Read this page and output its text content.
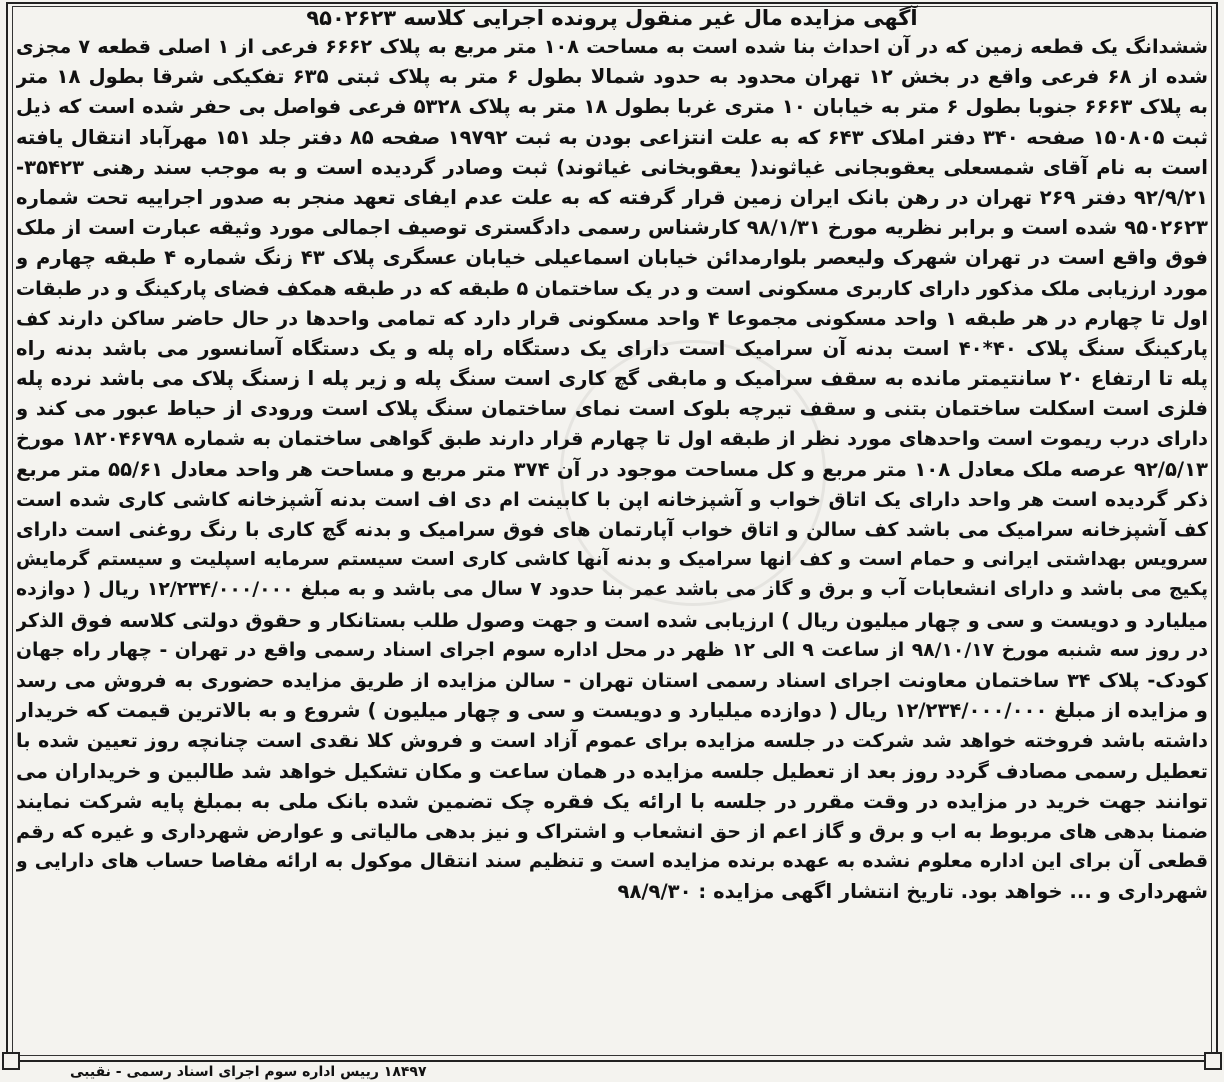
آگهی مزایده مال غیر منقول پرونده اجرایی کلاسه ۹۵۰۲۶۲۳
ششدانگ یک قطعه زمین که در آن احداث بنا شده است به مساحت ۱۰۸ متر مربع به پلاک ۶۶۶۲ فرعی از ۱ اصلی قطعه ۷ مجزی
شده از ۶۸ فرعی واقع در بخش ۱۲ تهران محدود به حدود شمالا بطول ۶ متر به پلاک ثبتی ۶۳۵ تفکیکی شرقا بطول ۱۸ متر
به پلاک ۶۶۶۳ جنوبا بطول ۶ متر به خیابان ۱۰ متری غربا بطول ۱۸ متر به پلاک ۵۳۲۸ فرعی فواصل بی حفر شده است که ذیل
ثبت ۱۵۰۸۰۵ صفحه ۳۴۰ دفتر املاک ۶۴۳ که به علت انتزاعی بودن به ثبت ۱۹۷۹۲ صفحه ۸۵ دفتر جلد ۱۵۱ مهرآباد انتقال یافته
است به نام آقای شمسعلی یعقوبجانی غیاثوند( یعقوبخانی غیاثوند) ثبت وصادر گردیده است و به موجب سند رهنی ۳۵۴۲۳-
۹۲/۹/۲۱ دفتر ۲۶۹ تهران در رهن بانک ایران زمین قرار گرفته که به علت عدم ایفای تعهد منجر به صدور اجراییه تحت شماره
۹۵۰۲۶۲۳ شده است و برابر نظریه مورخ ۹۸/۱/۳۱ کارشناس رسمی دادگستری توصیف اجمالی مورد وثیقه عبارت است از ملک
فوق واقع است در تهران شهرک ولیعصر بلوارمدائن خیابان اسماعیلی خیابان عسگری پلاک ۴۳ زنگ شماره ۴ طبقه چهارم و
مورد ارزیابی ملک مذکور دارای کاربری مسکونی است و در یک ساختمان ۵ طبقه که در طبقه همکف فضای پارکینگ و در طبقات
اول تا چهارم در هر طبقه ۱ واحد مسکونی مجموعا ۴ واحد مسکونی قرار دارد که تمامی واحدها در حال حاضر ساکن دارند کف
پارکینگ سنگ پلاک ۴۰*۴۰ است بدنه آن سرامیک است دارای یک دستگاه راه پله و یک دستگاه آسانسور می باشد بدنه راه
پله تا ارتفاع ۲۰ سانتیمتر مانده به سقف سرامیک و مابقی گچ کاری است سنگ پله و زیر پله ا زسنگ پلاک می باشد نرده پله
فلزی است اسکلت ساختمان بتنی و سقف تیرچه بلوک است نمای ساختمان سنگ پلاک است ورودی از حیاط عبور می کند و
دارای درب ریموت است واحدهای مورد نظر از طبقه اول تا چهارم قرار دارند طبق گواهی ساختمان به شماره ۱۸۲۰۴۶۷۹۸ مورخ
۹۲/۵/۱۳ عرصه ملک معادل ۱۰۸ متر مربع و کل مساحت موجود در آن ۳۷۴ متر مربع و مساحت هر واحد معادل ۵۵/۶۱ متر مربع
ذکر گردیده است هر واحد دارای یک اتاق خواب و آشپزخانه اپن با کابینت ام دی اف است بدنه آشپزخانه کاشی کاری شده است
کف آشپزخانه سرامیک می باشد کف سالن و اتاق خواب آپارتمان های فوق سرامیک و بدنه گچ کاری با رنگ روغنی است دارای
سرویس بهداشتی ایرانی و حمام است و کف انها سرامیک و بدنه آنها کاشی کاری است سیستم سرمایه اسپلیت و سیستم گرمایش
پکیج می باشد و دارای انشعابات آب و برق و گاز می باشد عمر بنا حدود ۷ سال می باشد و به مبلغ ۱۲/۲۳۴/۰۰۰/۰۰۰ ریال ( دوازده
میلیارد و دویست و سی و چهار میلیون ریال ) ارزیابی شده است و جهت وصول طلب بستانکار و حقوق دولتی کلاسه فوق الذکر
در روز سه شنبه مورخ ۹۸/۱۰/۱۷ از ساعت ۹ الی ۱۲ ظهر در محل اداره سوم اجرای اسناد رسمی واقع در تهران - چهار راه جهان
کودک- پلاک ۳۴ ساختمان معاونت اجرای اسناد رسمی استان تهران - سالن مزایده از طریق مزایده حضوری به فروش می رسد
و مزایده از مبلغ ۱۲/۲۳۴/۰۰۰/۰۰۰ ریال ( دوازده میلیارد و دویست و سی و چهار میلیون ) شروع و به بالاترین قیمت که خریدار
داشته باشد فروخته خواهد شد شرکت در جلسه مزایده برای عموم آزاد است و فروش کلا نقدی است چنانچه روز تعیین شده با
تعطیل رسمی مصادف گردد روز بعد از تعطیل جلسه مزایده در همان ساعت و مکان تشکیل خواهد شد طالبین و خریداران می
توانند جهت خرید در مزایده در وقت مقرر در جلسه با ارائه یک فقره چک تضمین شده بانک ملی به بمبلغ پایه شرکت نمایند
ضمنا بدهی های مربوط به اب و برق و گاز اعم از حق انشعاب و اشتراک و نیز بدهی مالیاتی و عوارض شهرداری و غیره که رقم
قطعی آن برای این اداره معلوم نشده به عهده برنده مزایده است و تنظیم سند انتقال موکول به ارائه مفاصا حساب های دارایی و
شهرداری و ... خواهد بود. تاریخ انتشار اگهی مزایده : ۹۸/۹/۳۰
۱۸۴۹۷ رییس اداره سوم اجرای اسناد رسمی - نقیبی
